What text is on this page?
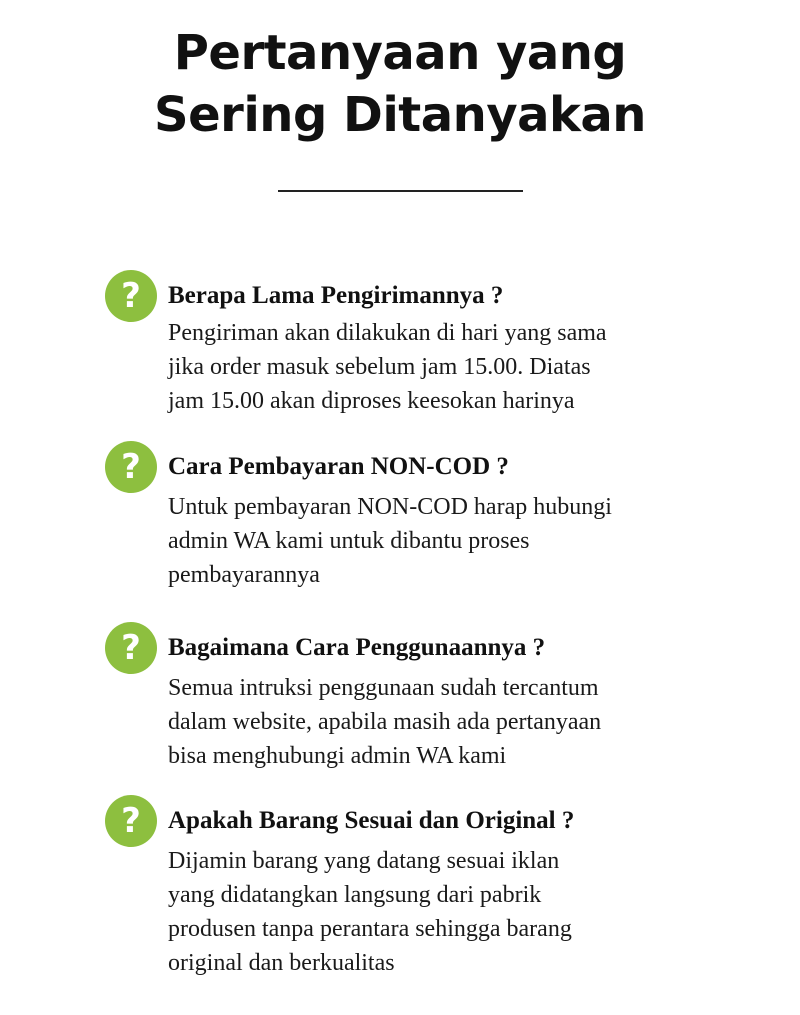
Pertanyaan yang
Sering Ditanyakan
?	Berapa Lama Pengirimannya ?
Pengiriman akan dilakukan di hari yang sama
jika order masuk sebelum jam 15.00. Diatas
jam 15.00 akan diproses keesokan harinya
?	Cara Pembayaran NON-COD ?
Untuk pembayaran NON-COD harap hubungi
admin WA kami untuk dibantu proses
pembayarannya
?	Bagaimana Cara Penggunaannya ?
Semua intruksi penggunaan sudah tercantum
dalam website, apabila masih ada pertanyaan
bisa menghubungi admin WA kami
?	Apakah Barang Sesuai dan Original ?
Dijamin barang yang datang sesuai iklan
yang didatangkan langsung dari pabrik
produsen tanpa perantara sehingga barang
original dan berkualitas
